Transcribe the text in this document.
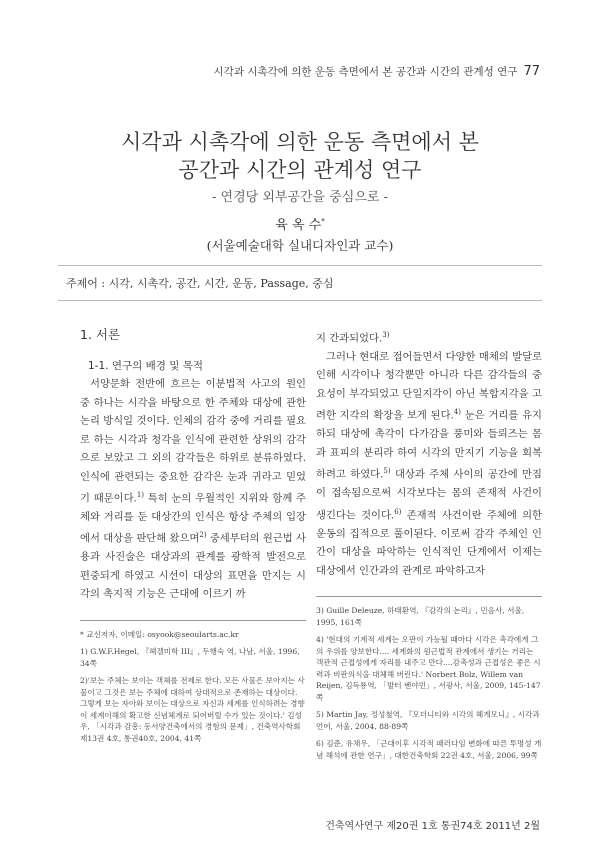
시각과 시촉각에 의한 운동 측면에서 본 공간과 시간의 관계성 연구 77
시각과 시촉각에 의한 운동 측면에서 본
공간과 시간의 관계성 연구
- 연경당 외부공간을 중심으로 -
육 옥 수*
(서울예술대학 실내디자인과 교수)
주제어 : 시각, 시촉각, 공간, 시간, 운동, Passage, 중심
1. 서론
1-1. 연구의 배경 및 목적

서양문화 전반에 흐르는 이분법적 사고의 원인 중 하나는 시각을 바탕으로 한 주체와 대상에 관한 논리 방식일 것이다. 인체의 감각 중에 거리를 필요로 하는 시각과 청각을 인식에 관련한 상위의 감각으로 보았고 그 외의 감각들은 하위로 분류하였다. 인식에 관련되는 중요한 감각은 눈과 귀라고 믿었기 때문이다.$^{1)}$ 특히 눈의 우월적인 지위와 함께 주체와 거리를 둔 대상간의 인식은 항상 주체의 입장에서 대상을 판단해 왔으며$^{2)}$ 중세부터의 원근법 사용과 사진술은 대상과의 관계를 광학적 발전으로 편중되게 하였고 시선이 대상의 표면을 만지는 시각의 촉지적 기능은 근대에 이르기 까

* 교신저자, 이메일: osyook@seoularts.ac.kr

1) G.W.F.Hegel, 『헤겔미학 III』, 두행숙 역, 나남, 서울, 1996, 34쪽

2)'보는 주체는 보이는 객체를 전제로 한다. 모든 사물은 보아지는 사물이고 그것은 보는 주체에 대하여 상대적으로 존재하는 대상이다. 그렇게 보는 자아와 보이는 대상으로 자신과 세계를 인식하려는 경향이 세계이해의 확고한 신념체계로 되어버릴 수가 있는 것이다.' 김성우, 「시각과 감흥: 동서양건축에서의 경험의 문제」, 건축역사학회 제13권 4호, 통권40호, 2004, 41쪽

지 간과되었다.$^{3)}$

그러나 현대로 접어들면서 다양한 매체의 발달로 인해 시각이나 청각뿐만 아니라 다른 감각들의 중요성이 부각되었고 단일지각이 아닌 복합지각을 고려한 지각의 확장을 보게 된다.$^{4)}$ 눈은 거리를 유지하되 대상에 촉각이 다가감을 풍미와 들뢰즈는 몸과 표피의 분리라 하여 시각의 만지기 기능을 회복하려고 하였다.$^{5)}$ 대상과 주체 사이의 공간에 만짐이 접속됨으로써 시각보다는 몸의 존재적 사건이 생긴다는 것이다.$^{6)}$ 존재적 사건이란 주체에 의한 운동의 집적으로 풀이된다. 이로써 감각 주체인 인간이 대상을 파악하는 인식적인 단계에서 이제는 대상에서 인간과의 관계로 파악하고자

3) Guille Deleuze, 하태환역, 『감각의 논리』, 민음사, 서울, 1995, 161쪽

4) '현대의 기계적 세계는 오판이 가능될 때마다 시각은 촉각에게 그의 우위를 양보한다.... 세계화의 원근법적 관계에서 생기는 거리는 객관적 근접성에게 자리를 내주고 만다....감촉성과 근접성은 좋은 시력과 비판의식을 대체해 버린다.' Norbert Bolz, Willem van Reijen, 김득룡역, 「발터 벤야민」, 서광사, 서울, 2009, 145-147쪽

5) Martin Jay, 정성철역, 『모더니티와 시각의 헤게모니』, 시각과 언어, 서울, 2004, 88-89쪽

6) 김준, 유채우, 「근대이후 시각적 패러다임 변화에 따른 투명성 개념 해석에 관한 연구」, 대한건축학회 22권 4호, 서울, 2006, 99쪽

건축역사연구 제20권 1호 통권74호 2011년 2월
